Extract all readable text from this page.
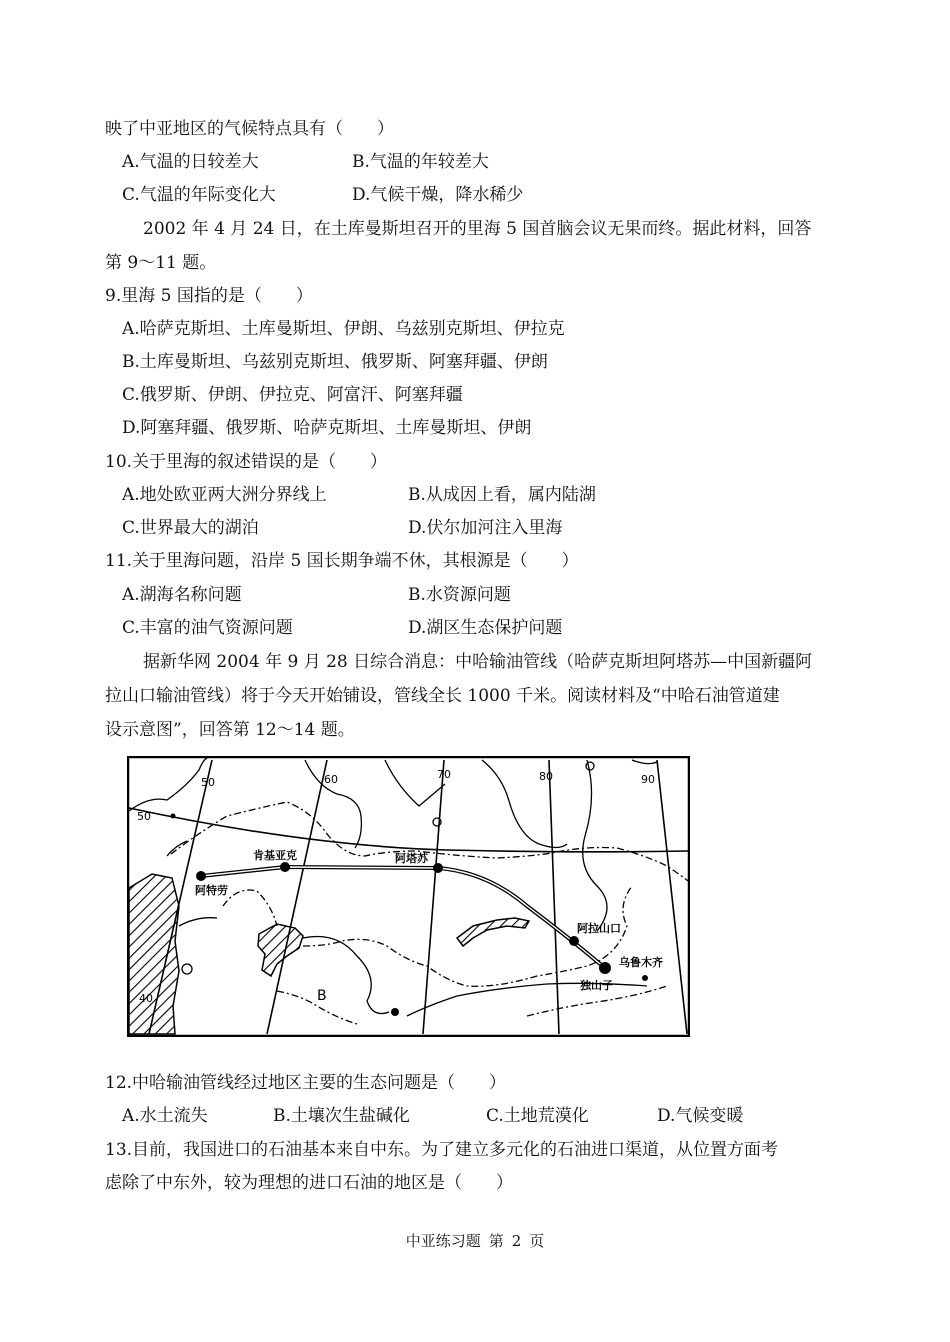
映了中亚地区的气候特点具有（　　）
A.气温的日较差大	B.气温的年较差大
C.气温的年际变化大	D.气候干燥，降水稀少
2002 年 4 月 24 日，在土库曼斯坦召开的里海 5 国首脑会议无果而终。据此材料，回答
第 9～11 题。
9.里海 5 国指的是（　　）
A.哈萨克斯坦、土库曼斯坦、伊朗、乌兹别克斯坦、伊拉克
B.土库曼斯坦、乌兹别克斯坦、俄罗斯、阿塞拜疆、伊朗
C.俄罗斯、伊朗、伊拉克、阿富汗、阿塞拜疆
D.阿塞拜疆、俄罗斯、哈萨克斯坦、土库曼斯坦、伊朗
10.关于里海的叙述错误的是（　　）
A.地处欧亚两大洲分界线上	B.从成因上看，属内陆湖
C.世界最大的湖泊	D.伏尔加河注入里海
11.关于里海问题，沿岸 5 国长期争端不休，其根源是（　　）
A.湖海名称问题	B.水资源问题
C.丰富的油气资源问题	D.湖区生态保护问题
据新华网 2004 年 9 月 28 日综合消息：中哈输油管线（哈萨克斯坦阿塔苏—中国新疆阿
拉山口输油管线）将于今天开始铺设，管线全长 1000 千米。阅读材料及“中哈石油管道建
设示意图”，回答第 12～14 题。
50	60	70	80	90
50
40
阿特劳
肯基亚克	阿塔苏
阿拉山口
乌鲁木齐
独山子
B
12.中哈输油管线经过地区主要的生态问题是（　　）
A.水土流失	B.土壤次生盐碱化	C.土地荒漠化	D.气候变暖
13.目前，我国进口的石油基本来自中东。为了建立多元化的石油进口渠道，从位置方面考
虑除了中东外，较为理想的进口石油的地区是（　　）
中亚练习题 第 2 页
